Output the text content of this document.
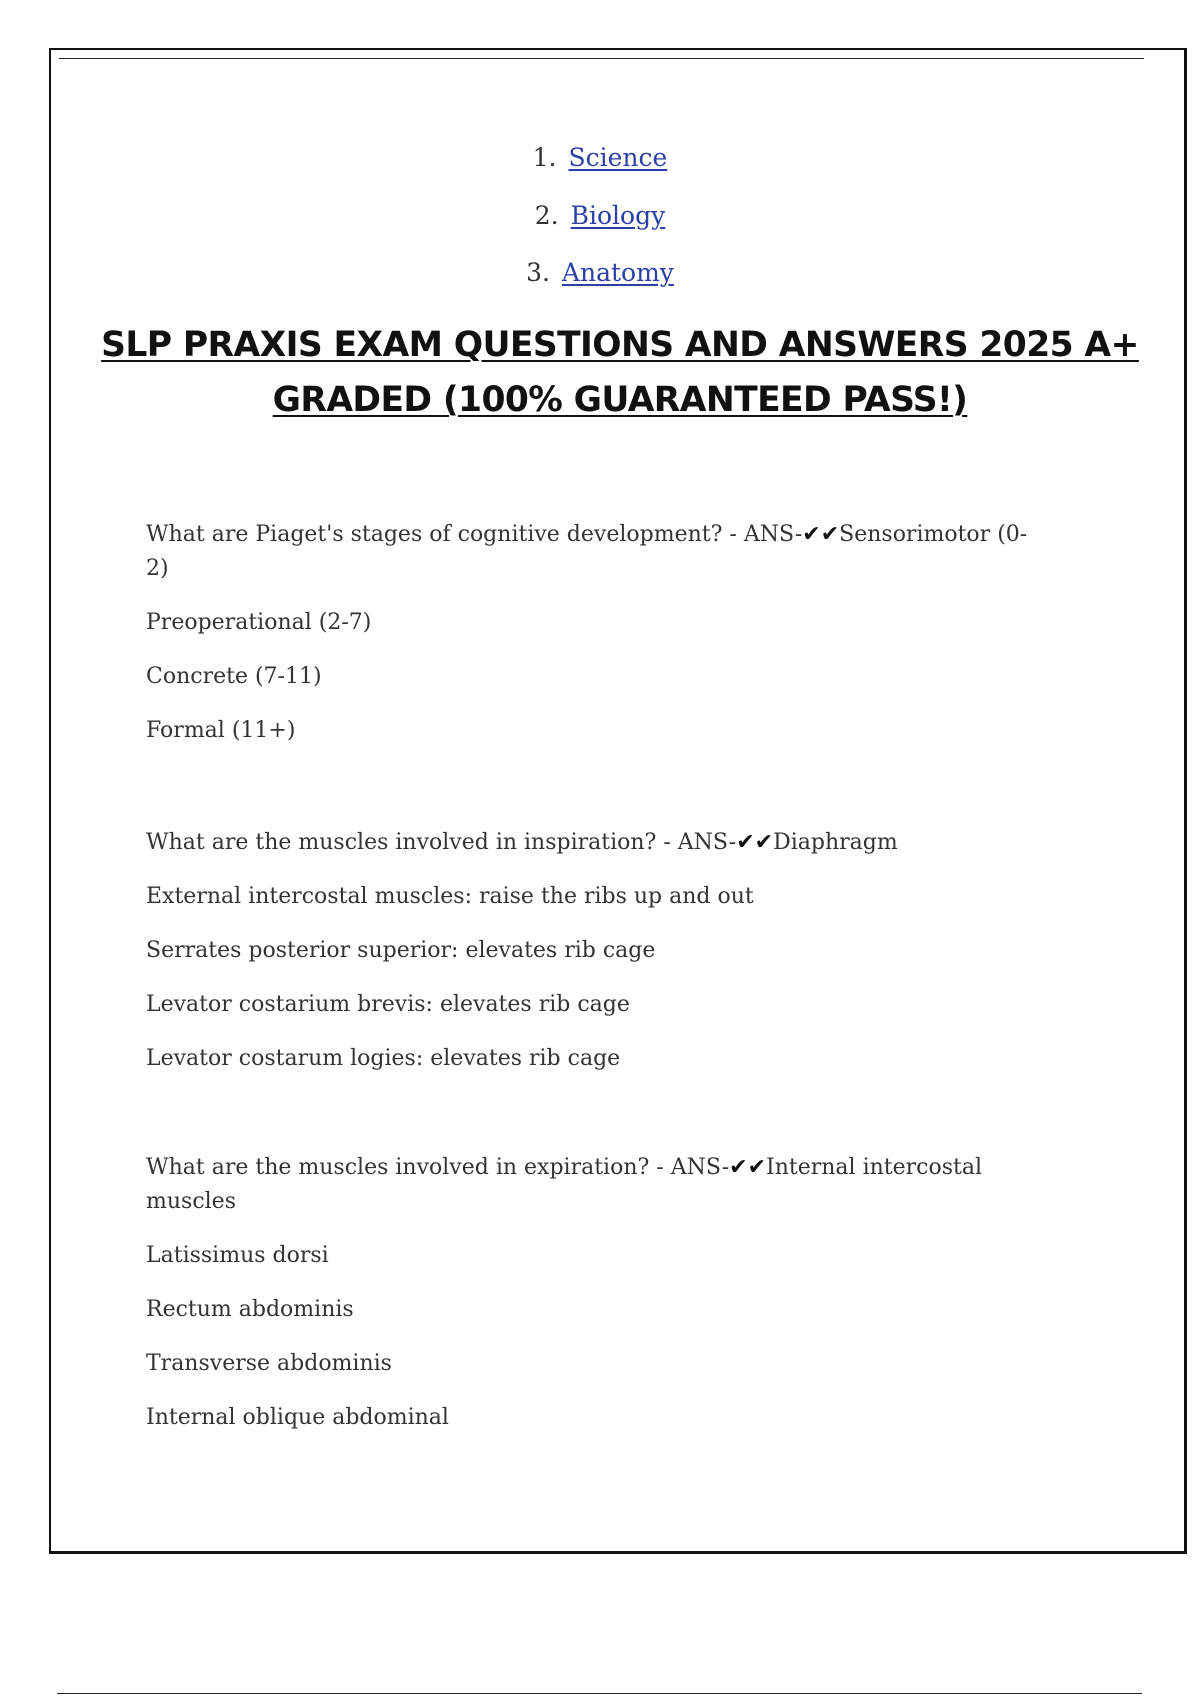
1. Science
2. Biology
3. Anatomy
SLP PRAXIS EXAM QUESTIONS AND ANSWERS 2025 A+ GRADED (100% GUARANTEED PASS!)

What are Piaget's stages of cognitive development? - ANS-✔✔Sensorimotor (0-2)

Preoperational (2-7)

Concrete (7-11)

Formal (11+)

What are the muscles involved in inspiration? - ANS-✔✔Diaphragm

External intercostal muscles: raise the ribs up and out

Serrates posterior superior: elevates rib cage

Levator costarium brevis: elevates rib cage

Levator costarum logies: elevates rib cage

What are the muscles involved in expiration? - ANS-✔✔Internal intercostal muscles

Latissimus dorsi

Rectum abdominis

Transverse abdominis

Internal oblique abdominal
